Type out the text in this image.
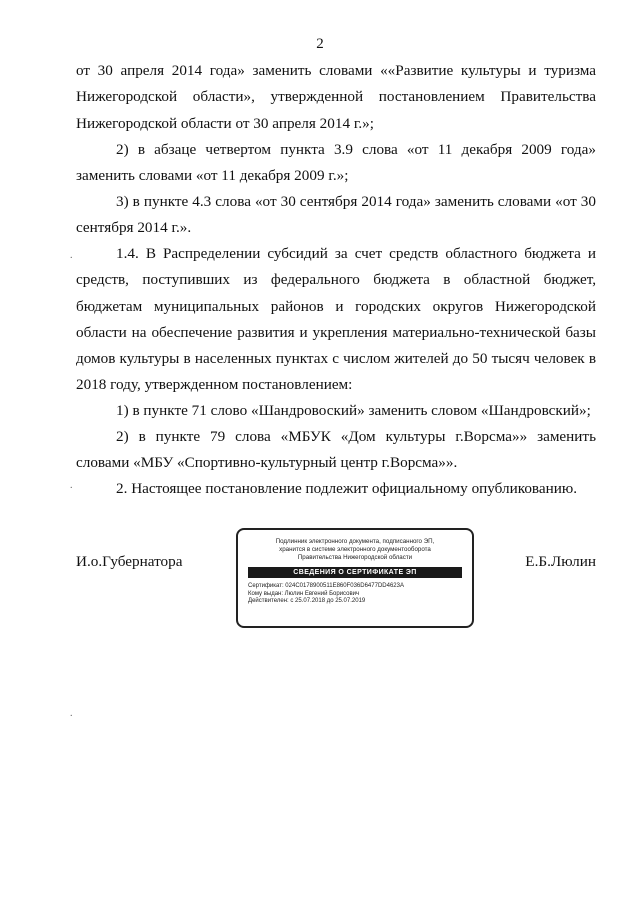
2

от 30 апреля 2014 года» заменить словами ««Развитие культуры и туризма Нижегородской области», утвержденной постановлением Правительства Нижегородской области от 30 апреля 2014 г.»;

2) в абзаце четвертом пункта 3.9 слова «от 11 декабря 2009 года» заменить словами «от 11 декабря 2009 г.»;

3) в пункте 4.3 слова «от 30 сентября 2014 года» заменить словами «от 30 сентября 2014 г.».

1.4. В Распределении субсидий за счет средств областного бюджета и средств, поступивших из федерального бюджета в областной бюджет, бюджетам муниципальных районов и городских округов Нижегородской области на обеспечение развития и укрепления материально-технической базы домов культуры в населенных пунктах с числом жителей до 50 тысяч человек в 2018 году, утвержденном постановлением:

1) в пункте 71 слово «Шандровоский» заменить словом «Шандровский»;

2) в пункте 79 слова «МБУК «Дом культуры г.Ворсма»» заменить словами «МБУ «Спортивно-культурный центр г.Ворсма»».

2. Настоящее постановление подлежит официальному опубликованию.

И.о.Губернатора	Е.Б.Люлин
Подлинник электронного документа, подписанного ЭП,
хранится в системе электронного документооборота
Правительства Нижегородской области
СВЕДЕНИЯ О СЕРТИФИКАТЕ ЭП
Сертификат: 024C0178900511E860F036D6477DD4623A
Кому выдан: Люлин Евгений Борисович
Действителен: с 25.07.2018 до 25.07.2019
.
.
.
